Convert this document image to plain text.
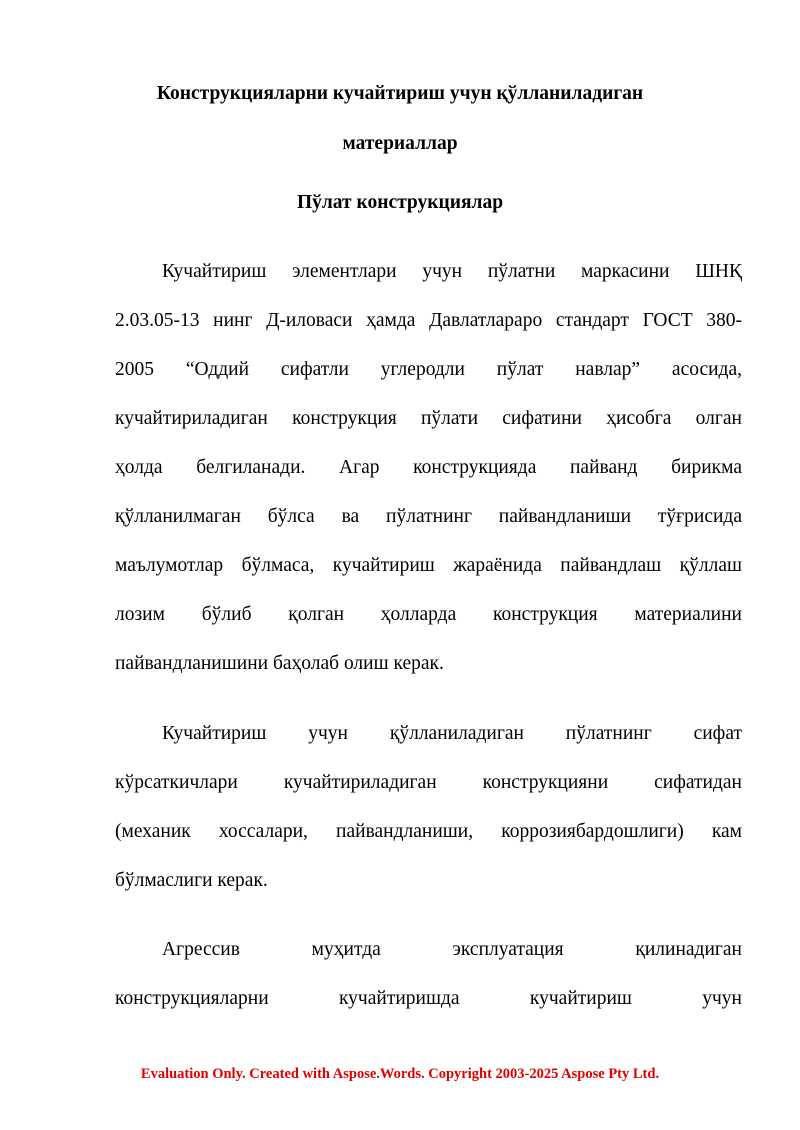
Конструкцияларни кучайтириш учун қўлланиладиган
материаллар
Пўлат конструкциялар
Кучайтириш элементлари учун пўлатни маркасини ШНҚ
2.03.05-13 нинг Д-иловаси ҳамда Давлатлараро стандарт ГОСТ 380-
2005 “Оддий сифатли углеродли пўлат навлар” асосида,
кучайтириладиган конструкция пўлати сифатини ҳисобга олган
ҳолда белгиланади. Агар конструкцияда пайванд бирикма
қўлланилмаган бўлса ва пўлатнинг пайвандланиши тўғрисида
маълумотлар бўлмаса, кучайтириш жараёнида пайвандлаш қўллаш
лозим бўлиб қолган ҳолларда конструкция материалини
пайвандланишини баҳолаб олиш керак.
Кучайтириш учун қўлланиладиган пўлатнинг сифат
кўрсаткичлари кучайтириладиган конструкцияни сифатидан
(механик хоссалари, пайвандланиши, коррозиябардошлиги) кам
бўлмаслиги керак.
Агрессив муҳитда эксплуатация қилинадиган
конструкцияларни кучайтиришда кучайтириш учун
Evaluation Only. Created with Aspose.Words. Copyright 2003-2025 Aspose Pty Ltd.
